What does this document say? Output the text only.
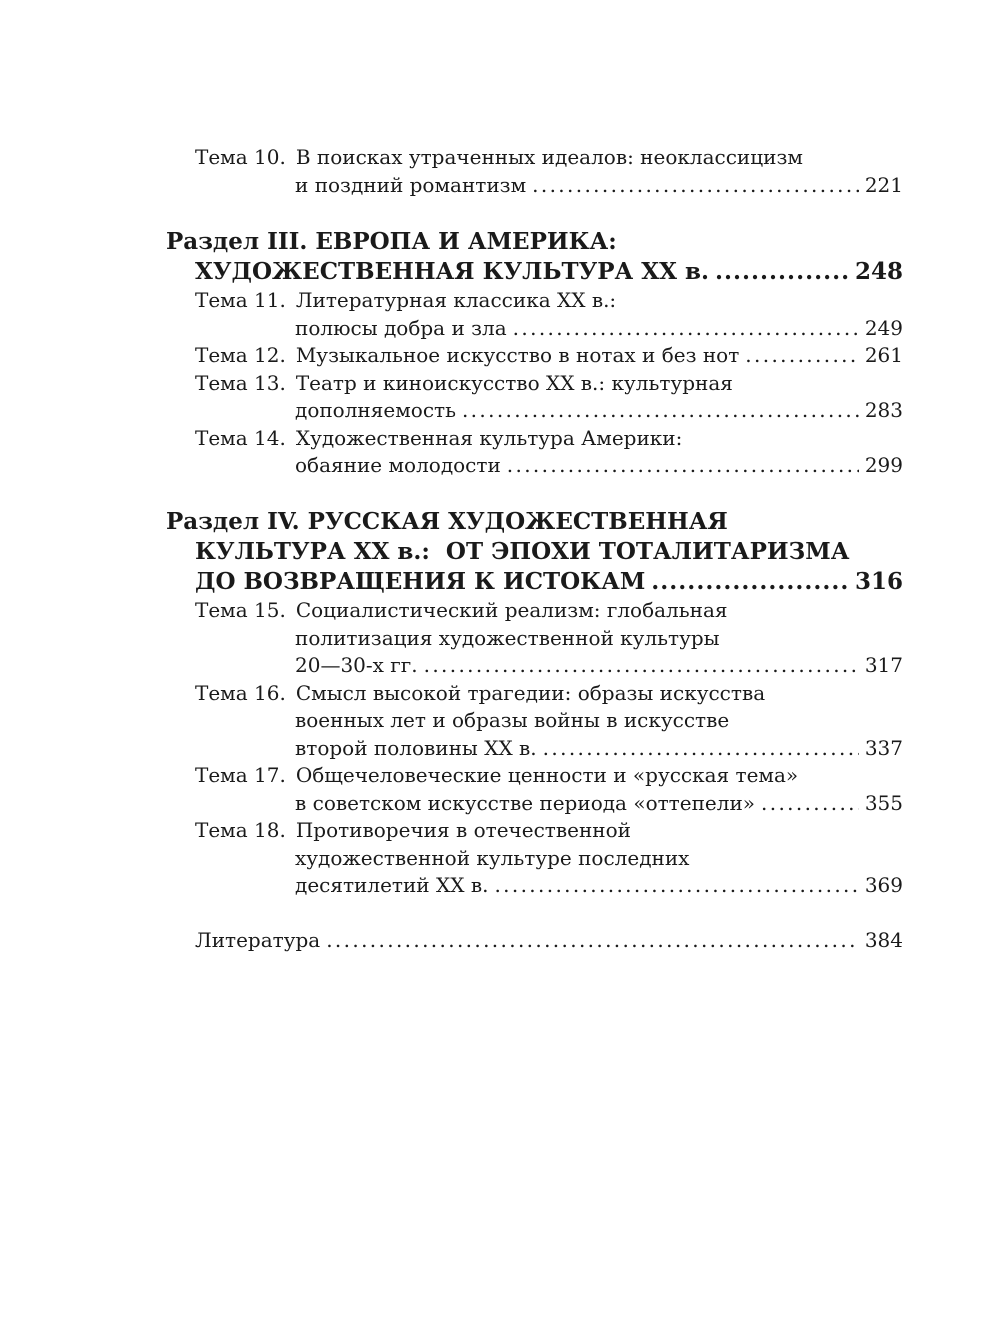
Тема 10. В поисках утраченных идеалов: неоклассицизм
и поздний романтизм . . .	221
Раздел III. ЕВРОПА И АМЕРИКА:
ХУДОЖЕСТВЕННАЯ КУЛЬТУРА XX в. .....	248
Тема 11. Литературная классика XX в.:
полюсы добра и зла . . .	249
Тема 12. Музыкальное искусство в нотах и без нот . . .	261
Тема 13. Театр и киноискусство XX в.: культурная
дополняемость . . .	283
Тема 14. Художественная культура Америки:
обаяние молодости . . .	299
Раздел IV. РУССКАЯ ХУДОЖЕСТВЕННАЯ
КУЛЬТУРА XX в.:  ОТ ЭПОХИ ТОТАЛИТАРИЗМА
ДО ВОЗВРАЩЕНИЯ К ИСТОКАМ .....	316
Тема 15. Социалистический реализм: глобальная
политизация художественной культуры
20—30-х гг. . . .	317
Тема 16. Смысл высокой трагедии: образы искусства
военных лет и образы войны в искусстве
второй половины XX в. . . .	337
Тема 17. Общечеловеческие ценности и «русская тема»
в советском искусстве периода «оттепели» . . .	355
Тема 18. Противоречия в отечественной
художественной культуре последних
десятилетий XX в. . . .	369
Литература . . .	384
